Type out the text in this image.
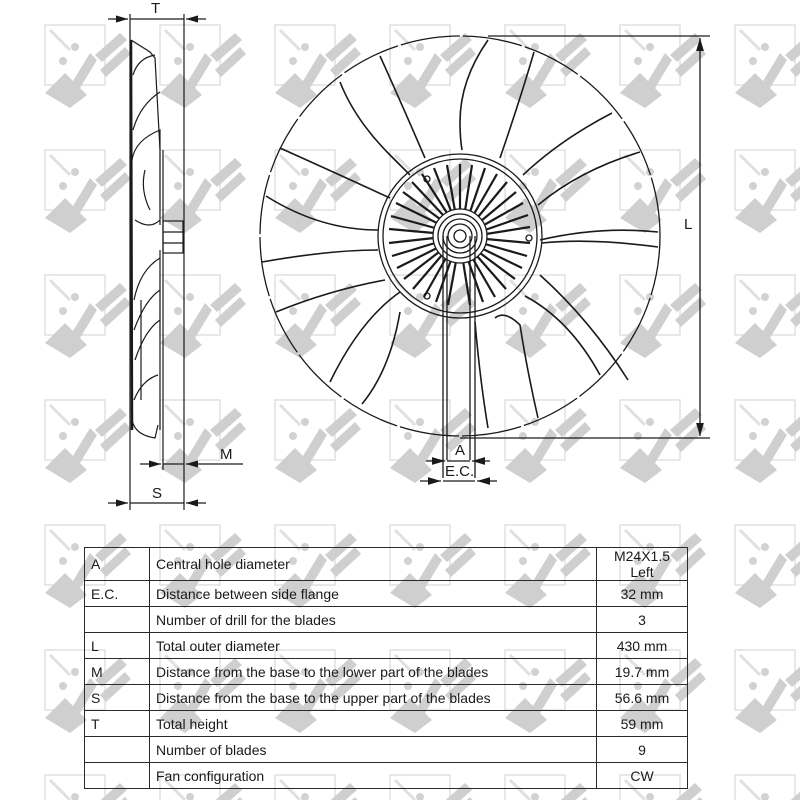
T
M
S
L
A
E.C.
A	Central hole diameter	M24X1.5 Left
E.C.	Distance between side flange	32 mm
	Number of drill for the blades	3
L	Total outer diameter	430 mm
M	Distance from the base to the lower part of the blades	19.7 mm
S	Distance from the base to the upper part of the blades	56.6 mm
T	Total height	59 mm
	Number of blades	9
	Fan configuration	CW
